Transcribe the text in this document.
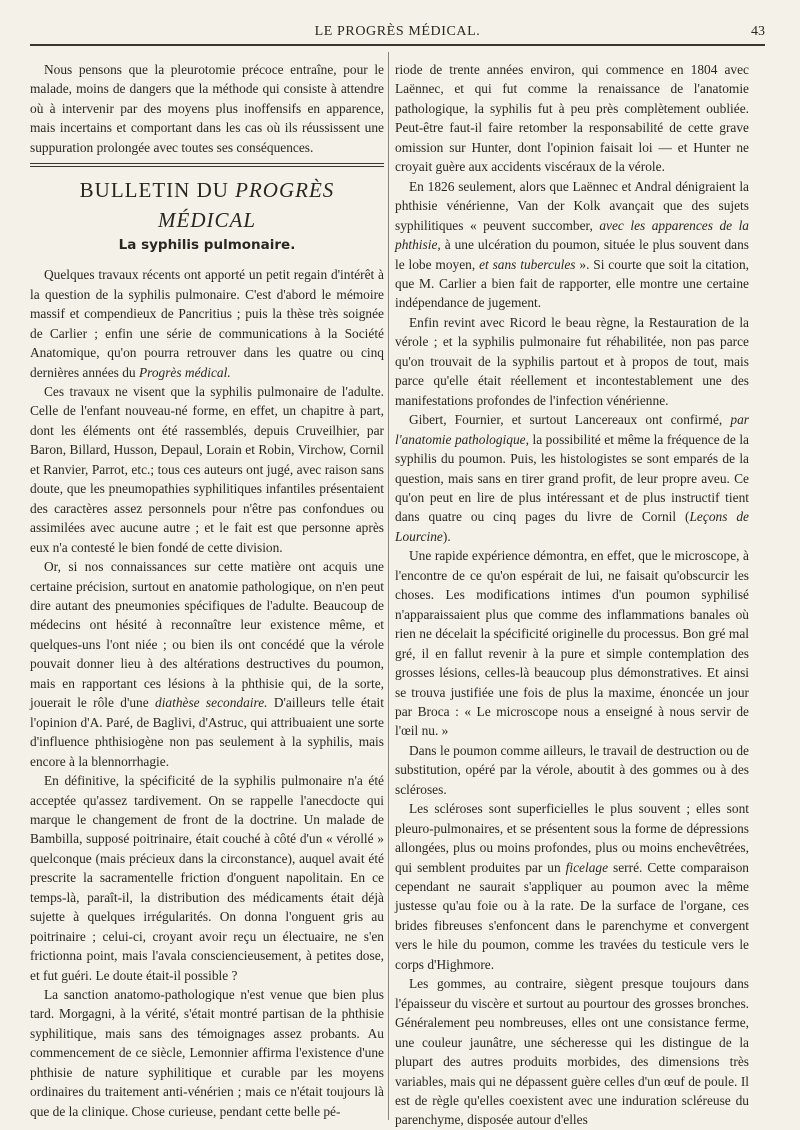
LE PROGRÈS MÉDICAL.	43

Nous pensons que la pleurotomie précoce entraîne, pour le malade, moins de dangers que la méthode qui consiste à attendre où à intervenir par des moyens plus inoffensifs en apparence, mais incertains et comportant dans les cas où ils réussissent une suppuration prolongée avec toutes ses conséquences.

BULLETIN DU PROGRÈS MÉDICAL
La syphilis pulmonaire.

Quelques travaux récents ont apporté un petit regain d'intérêt à la question de la syphilis pulmonaire. C'est d'abord le mémoire massif et compendieux de Pancritius ; puis la thèse très soignée de Carlier ; enfin une série de communications à la Société Anatomique, qu'on pourra retrouver dans les quatre ou cinq dernières années du Progrès médical.

Ces travaux ne visent que la syphilis pulmonaire de l'adulte. Celle de l'enfant nouveau-né forme, en effet, un chapitre à part, dont les éléments ont été rassemblés, depuis Cruveilhier, par Baron, Billard, Husson, Depaul, Lorain et Robin, Virchow, Cornil et Ranvier, Parrot, etc.; tous ces auteurs ont jugé, avec raison sans doute, que les pneumopathies syphilitiques infantiles présentaient des caractères assez personnels pour n'être pas confondues ou assimilées avec aucune autre ; et le fait est que personne après eux n'a contesté le bien fondé de cette division.

Or, si nos connaissances sur cette matière ont acquis une certaine précision, surtout en anatomie pathologique, on n'en peut dire autant des pneumonies spécifiques de l'adulte. Beaucoup de médecins ont hésité à reconnaître leur existence même, et quelques-uns l'ont niée ; ou bien ils ont concédé que la vérole pouvait donner lieu à des altérations destructives du poumon, mais en rapportant ces lésions à la phthisie qui, de la sorte, jouerait le rôle d'une diathèse secondaire. D'ailleurs telle était l'opinion d'A. Paré, de Baglivi, d'Astruc, qui attribuaient une sorte d'influence phthisiogène non pas seulement à la syphilis, mais encore à la blennorrhagie.

En définitive, la spécificité de la syphilis pulmonaire n'a été acceptée qu'assez tardivement. On se rappelle l'anecdocte qui marque le changement de front de la doctrine. Un malade de Bambilla, supposé poitrinaire, était couché à côté d'un « vérollé » quelconque (mais précieux dans la circonstance), auquel avait été prescrite la sacramentelle friction d'onguent napolitain. En ce temps-là, paraît-il, la distribution des médicaments était déjà sujette à quelques irrégularités. On donna l'onguent gris au poitrinaire ; celui-ci, croyant avoir reçu un électuaire, ne s'en frictionna point, mais l'avala consciencieusement, à petites dose, et fut guéri. Le doute était-il possible ?

La sanction anatomo-pathologique n'est venue que bien plus tard. Morgagni, à la vérité, s'était montré partisan de la phthisie syphilitique, mais sans des témoignages assez probants. Au commencement de ce siècle, Lemonnier affirma l'existence d'une phthisie de nature syphilitique et curable par les moyens ordinaires du traitement anti-vénérien ; mais ce n'était toujours là que de la clinique. Chose curieuse, pendant cette belle pé-

riode de trente années environ, qui commence en 1804 avec Laënnec, et qui fut comme la renaissance de l'anatomie pathologique, la syphilis fut à peu près complètement oubliée. Peut-être faut-il faire retomber la responsabilité de cette grave omission sur Hunter, dont l'opinion faisait loi — et Hunter ne croyait guère aux accidents viscéraux de la vérole.

En 1826 seulement, alors que Laënnec et Andral dénigraient la phthisie vénérienne, Van der Kolk avançait que des sujets syphilitiques « peuvent succomber, avec les apparences de la phthisie, à une ulcération du poumon, située le plus souvent dans le lobe moyen, et sans tubercules ». Si courte que soit la citation, que M. Carlier a bien fait de rapporter, elle montre une certaine indépendance de jugement.

Enfin revint avec Ricord le beau règne, la Restauration de la vérole ; et la syphilis pulmonaire fut réhabilitée, non pas parce qu'on trouvait de la syphilis partout et à propos de tout, mais parce qu'elle était réellement et incontestablement une des manifestations profondes de l'infection vénérienne.

Gibert, Fournier, et surtout Lancereaux ont confirmé, par l'anatomie pathologique, la possibilité et même la fréquence de la syphilis du poumon. Puis, les histologistes se sont emparés de la question, mais sans en tirer grand profit, de leur propre aveu. Ce qu'on peut en lire de plus intéressant et de plus instructif tient dans quatre ou cinq pages du livre de Cornil (Leçons de Lourcine).

Une rapide expérience démontra, en effet, que le microscope, à l'encontre de ce qu'on espérait de lui, ne faisait qu'obscurcir les choses. Les modifications intimes d'un poumon syphilisé n'apparaissaient plus que comme des inflammations banales où rien ne décelait la spécificité originelle du processus. Bon gré mal gré, il en fallut revenir à la pure et simple contemplation des grosses lésions, celles-là beaucoup plus démonstratives. Et ainsi se trouva justifiée une fois de plus la maxime, énoncée un jour par Broca : « Le microscope nous a enseigné à nous servir de l'œil nu. »

Dans le poumon comme ailleurs, le travail de destruction ou de substitution, opéré par la vérole, aboutit à des gommes ou à des scléroses.

Les scléroses sont superficielles le plus souvent ; elles sont pleuro-pulmonaires, et se présentent sous la forme de dépressions allongées, plus ou moins profondes, plus ou moins enchevêtrées, qui semblent produites par un ficelage serré. Cette comparaison cependant ne saurait s'appliquer au poumon avec la même justesse qu'au foie ou à la rate. De la surface de l'organe, ces brides fibreuses s'enfoncent dans le parenchyme et convergent vers le hile du poumon, comme les travées du testicule vers le corps d'Highmore.

Les gommes, au contraire, siègent presque toujours dans l'épaisseur du viscère et surtout au pourtour des grosses bronches. Généralement peu nombreuses, elles ont une consistance ferme, une couleur jaunâtre, une sécheresse qui les distingue de la plupart des autres produits morbides, des dimensions très variables, mais qui ne dépassent guère celles d'un œuf de poule. Il est de règle qu'elles coexistent avec une induration scléreuse du parenchyme, disposée autour d'elles
